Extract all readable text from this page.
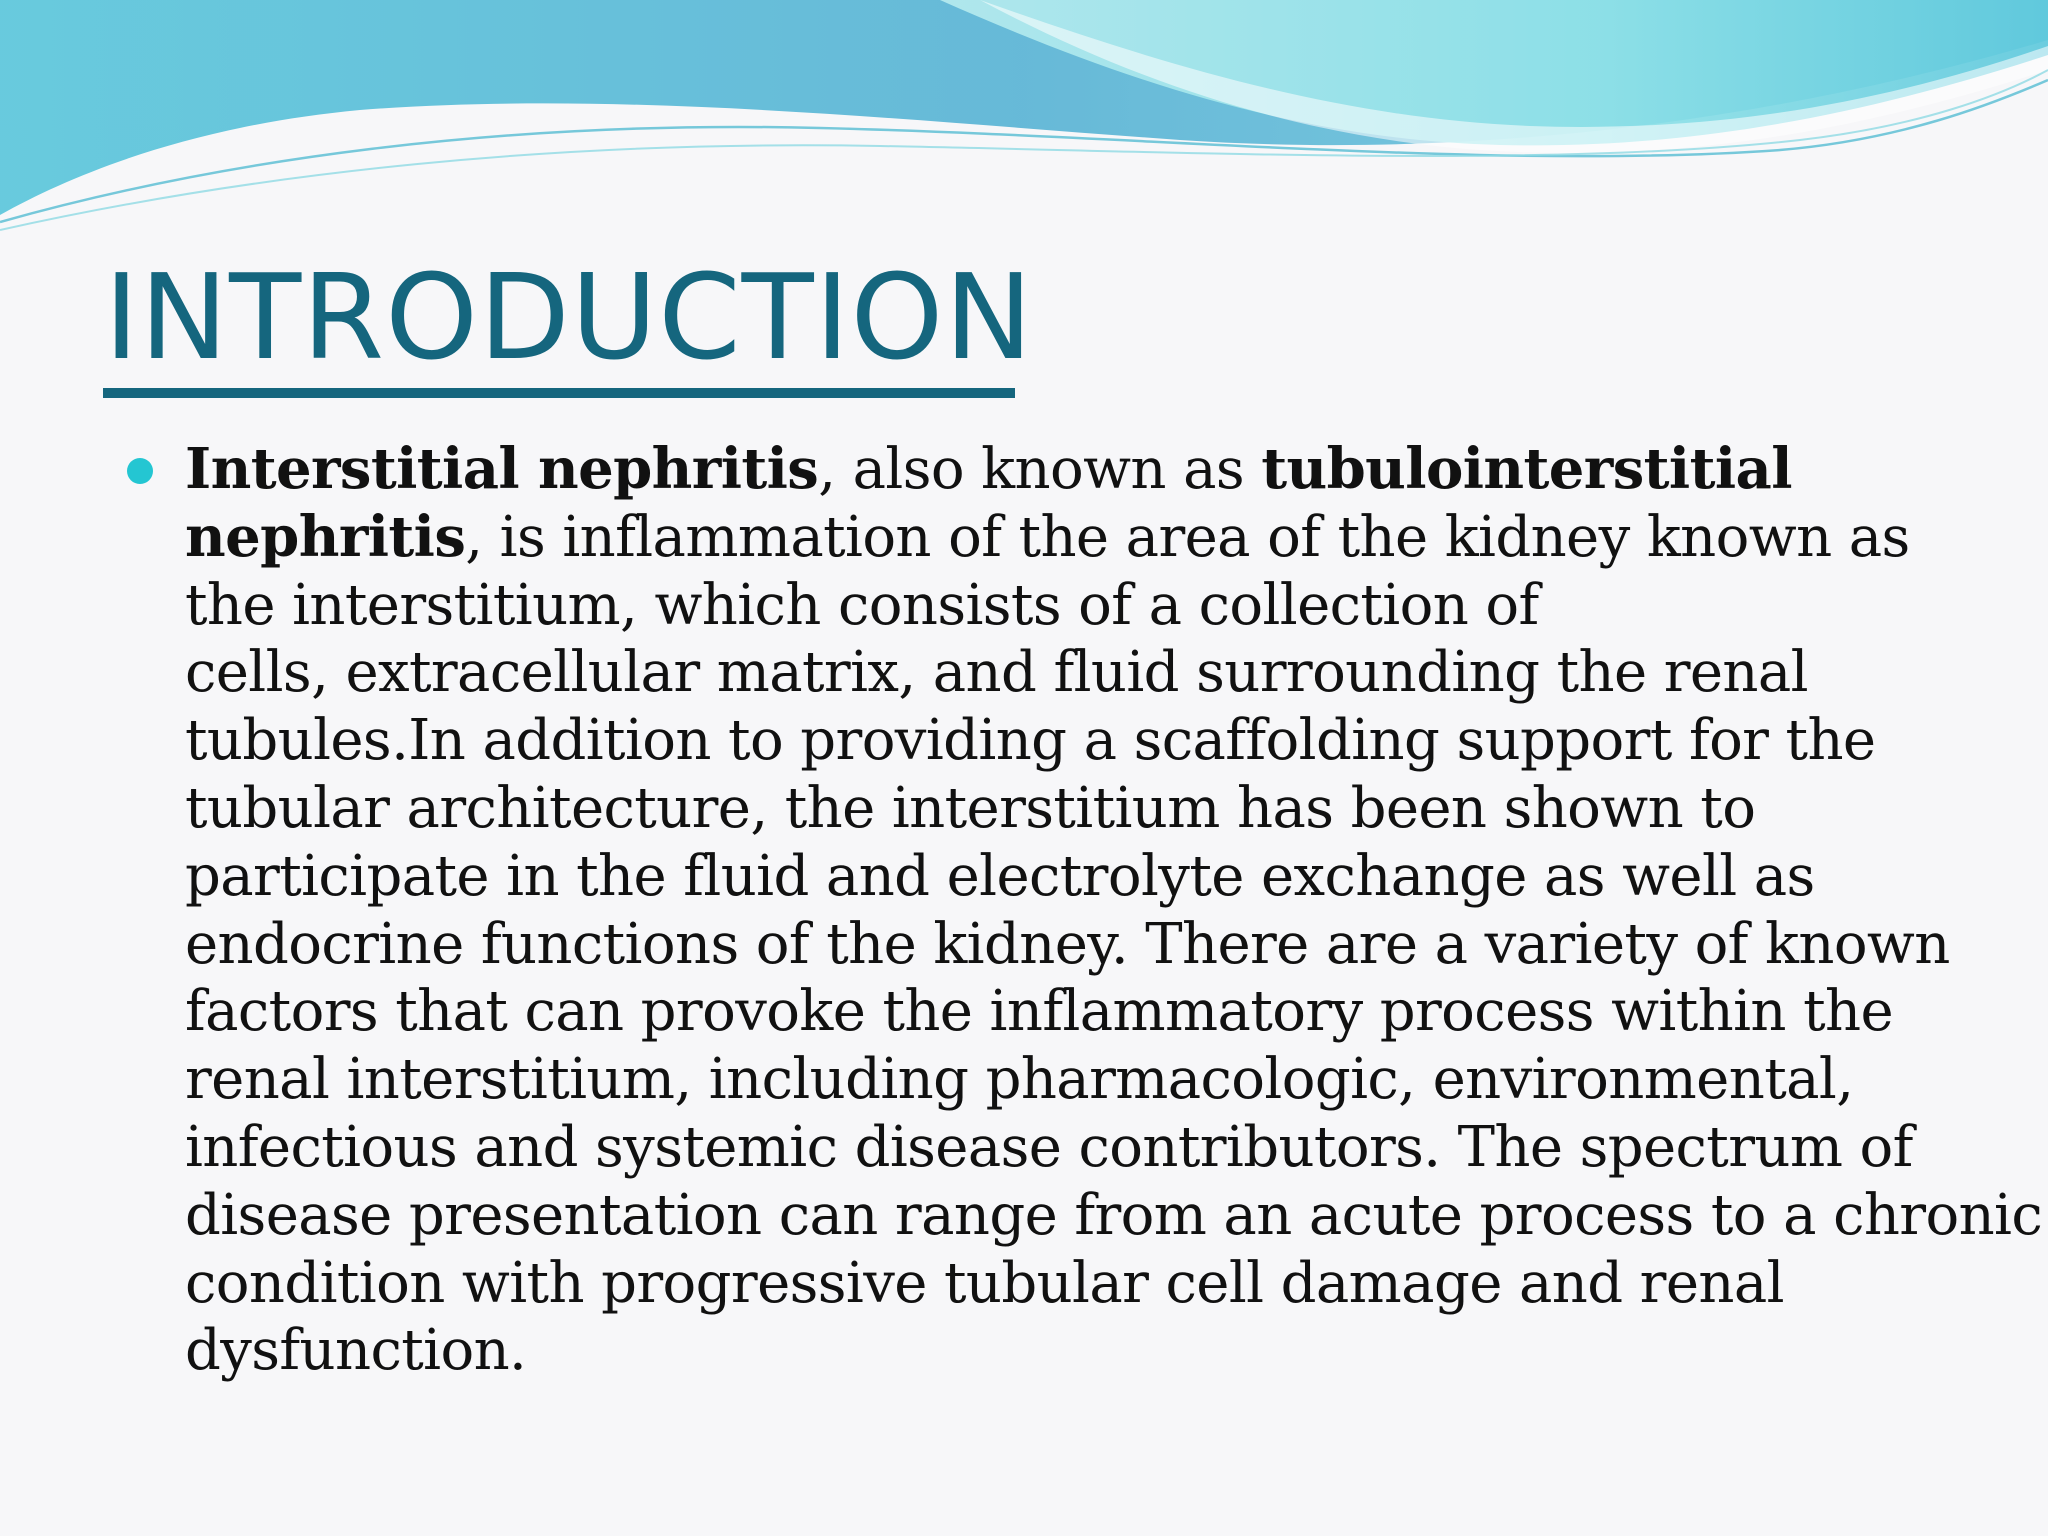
INTRODUCTION

Interstitial nephritis, also known as tubulointerstitial
nephritis, is inflammation of the area of the kidney known as
the interstitium, which consists of a collection of
cells, extracellular matrix, and fluid surrounding the renal
tubules.In addition to providing a scaffolding support for the
tubular architecture, the interstitium has been shown to
participate in the fluid and electrolyte exchange as well as
endocrine functions of the kidney. There are a variety of known
factors that can provoke the inflammatory process within the
renal interstitium, including pharmacologic, environmental,
infectious and systemic disease contributors. The spectrum of
disease presentation can range from an acute process to a chronic
condition with progressive tubular cell damage and renal
dysfunction.
